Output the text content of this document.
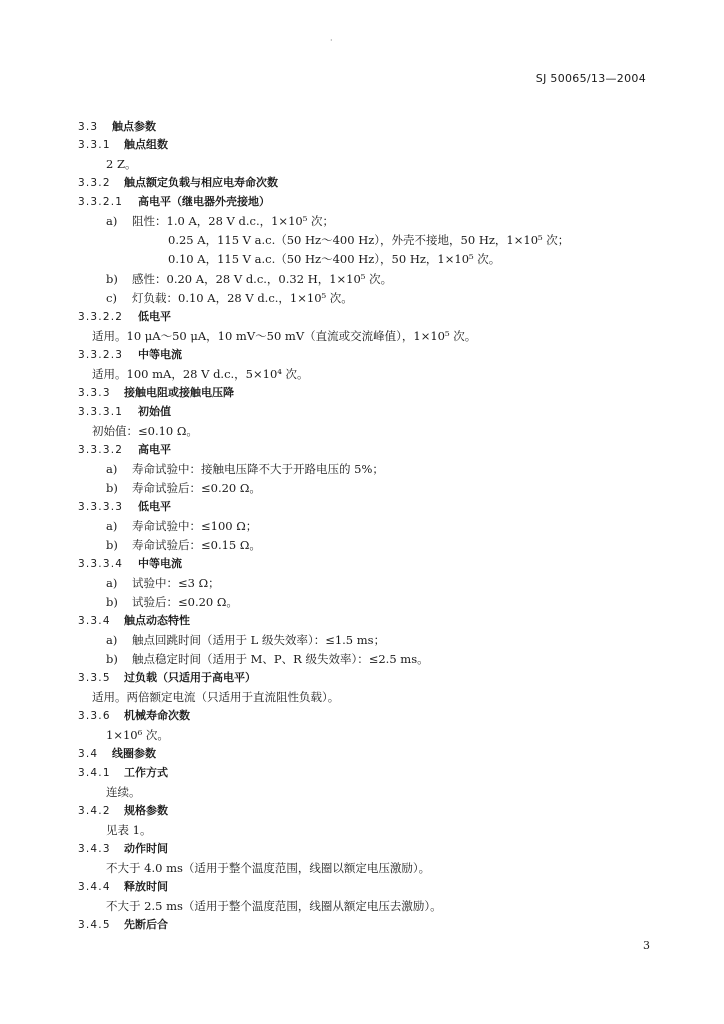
·
SJ 50065/13—2004
3.3 触点参数
3.3.1 触点组数
2 Z。
3.3.2 触点额定负载与相应电寿命次数
3.3.2.1 高电平（继电器外壳接地）
a) 阻性：1.0 A，28 V d.c.，1×10⁵ 次；
0.25 A，115 V a.c.（50 Hz～400 Hz），外壳不接地，50 Hz，1×10⁵ 次；
0.10 A，115 V a.c.（50 Hz～400 Hz），50 Hz，1×10⁵ 次。
b) 感性：0.20 A，28 V d.c.，0.32 H，1×10⁵ 次。
c) 灯负载：0.10 A，28 V d.c.，1×10⁵ 次。
3.3.2.2 低电平
适用。10 μA～50 μA，10 mV～50 mV（直流或交流峰值），1×10⁵ 次。
3.3.2.3 中等电流
适用。100 mA，28 V d.c.，5×10⁴ 次。
3.3.3 接触电阻或接触电压降
3.3.3.1 初始值
初始值：≤0.10 Ω。
3.3.3.2 高电平
a) 寿命试验中：接触电压降不大于开路电压的 5%；
b) 寿命试验后：≤0.20 Ω。
3.3.3.3 低电平
a) 寿命试验中：≤100 Ω；
b) 寿命试验后：≤0.15 Ω。
3.3.3.4 中等电流
a) 试验中：≤3 Ω；
b) 试验后：≤0.20 Ω。
3.3.4 触点动态特性
a) 触点回跳时间（适用于 L 级失效率）：≤1.5 ms；
b) 触点稳定时间（适用于 M、P、R 级失效率）：≤2.5 ms。
3.3.5 过负载（只适用于高电平）
适用。两倍额定电流（只适用于直流阻性负载）。
3.3.6 机械寿命次数
1×10⁶ 次。
3.4 线圈参数
3.4.1 工作方式
连续。
3.4.2 规格参数
见表 1。
3.4.3 动作时间
不大于 4.0 ms（适用于整个温度范围，线圈以额定电压激励）。
3.4.4 释放时间
不大于 2.5 ms（适用于整个温度范围，线圈从额定电压去激励）。
3.4.5 先断后合
3
